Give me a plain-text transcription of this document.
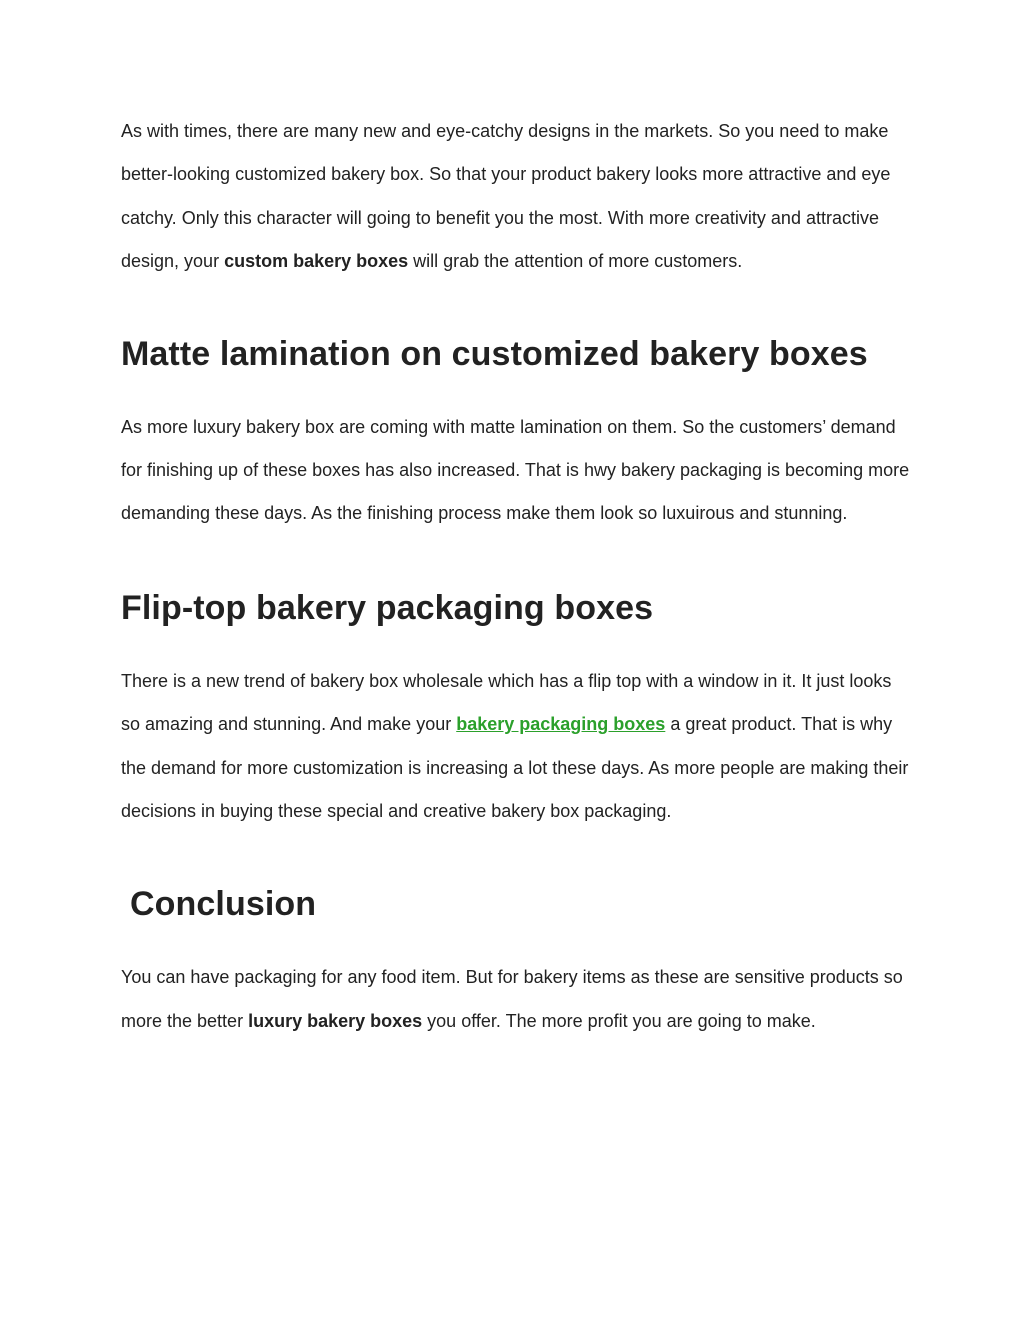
As with times, there are many new and eye-catchy designs in the markets. So you need to make better-looking customized bakery box. So that your product bakery looks more attractive and eye catchy. Only this character will going to benefit you the most. With more creativity and attractive design, your custom bakery boxes will grab the attention of more customers.

Matte lamination on customized bakery boxes

As more luxury bakery box are coming with matte lamination on them. So the customers’ demand for finishing up of these boxes has also increased. That is hwy bakery packaging is becoming more demanding these days. As the finishing process make them look so luxuirous and stunning.

Flip-top bakery packaging boxes

There is a new trend of bakery box wholesale which has a flip top with a window in it. It just looks so amazing and stunning. And make your bakery packaging boxes a great product. That is why the demand for more customization is increasing a lot these days. As more people are making their decisions in buying these special and creative bakery box packaging.

Conclusion

You can have packaging for any food item. But for bakery items as these are sensitive products so more the better luxury bakery boxes you offer. The more profit you are going to make.
